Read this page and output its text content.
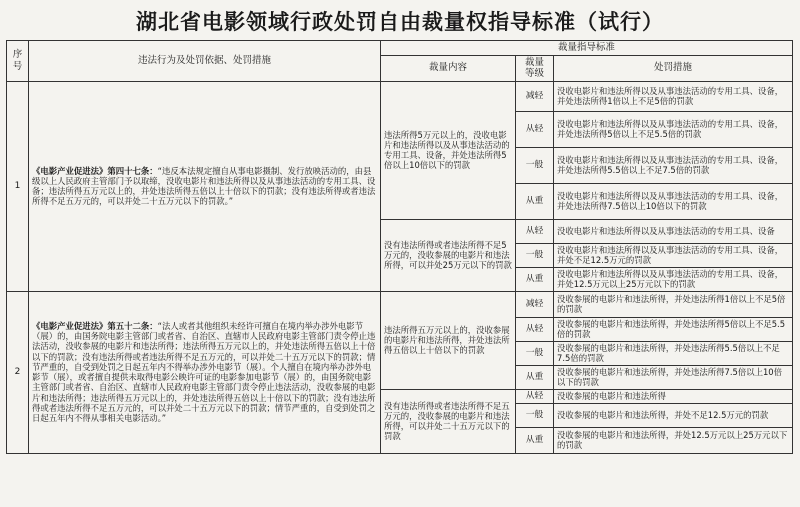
湖北省电影领域行政处罚自由裁量权指导标准（试行）
序
号	违法行为及处罚依据、处罚措施	裁量指导标准		
		裁量内容	裁量
等级	处罚措施
1	《电影产业促进法》第四十七条：“违反本法规定擅自从事电影摄制、发行放映活动的，由县级以上人民政府主管部门予以取缔，没收电影片和违法所得以及从事违法活动的专用工具、设备；违法所得五万元以上的，并处违法所得五倍以上十倍以下的罚款；没有违法所得或者违法所得不足五万元的，可以并处二十五万元以下的罚款。”	违法所得5万元以上的，没收电影片和违法所得以及从事违法活动的专用工具、设备，并处违法所得5倍以上10倍以下的罚款	减轻	没收电影片和违法所得以及从事违法活动的专用工具、设备，并处违法所得1倍以上不足5倍的罚款
			从轻	没收电影片和违法所得以及从事违法活动的专用工具、设备，并处违法所得5倍以上不足5.5倍的罚款
			一般	没收电影片和违法所得以及从事违法活动的专用工具、设备，并处违法所得5.5倍以上不足7.5倍的罚款
			从重	没收电影片和违法所得以及从事违法活动的专用工具、设备，并处违法所得7.5倍以上10倍以下的罚款
		没有违法所得或者违法所得不足5万元的，没收参展的电影片和违法所得，可以并处25万元以下的罚款	从轻	没收电影片和违法所得以及从事违法活动的专用工具、设备
			一般	没收电影片和违法所得以及从事违法活动的专用工具、设备，并处不足12.5万元的罚款
			从重	没收电影片和违法所得以及从事违法活动的专用工具、设备，并处12.5万元以上25万元以下的罚款
2	《电影产业促进法》第五十二条：“法人或者其他组织未经许可擅自在境内举办涉外电影节（展）的，由国务院电影主管部门或者省、自治区、直辖市人民政府电影主管部门责令停止违法活动，没收参展的电影片和违法所得；违法所得五万元以上的，并处违法所得五倍以上十倍以下的罚款；没有违法所得或者违法所得不足五万元的，可以并处二十五万元以下的罚款；情节严重的，自受到处罚之日起五年内不得举办涉外电影节（展）。个人擅自在境内举办涉外电影节（展），或者擅自提供未取得电影公映许可证的电影参加电影节（展）的，由国务院电影主管部门或者省、自治区、直辖市人民政府电影主管部门责令停止违法活动，没收参展的电影片和违法所得；违法所得五万元以上的，并处违法所得五倍以上十倍以下的罚款；没有违法所得或者违法所得不足五万元的，可以并处二十五万元以下的罚款；情节严重的，自受到处罚之日起五年内不得从事相关电影活动。”	违法所得五万元以上的，没收参展的电影片和违法所得，并处违法所得五倍以上十倍以下的罚款	减轻	没收参展的电影片和违法所得，并处违法所得1倍以上不足5倍的罚款
			从轻	没收参展的电影片和违法所得，并处违法所得5倍以上不足5.5倍的罚款
			一般	没收参展的电影片和违法所得，并处违法所得5.5倍以上不足7.5倍的罚款
			从重	没收参展的电影片和违法所得，并处违法所得7.5倍以上10倍以下的罚款
		没有违法所得或者违法所得不足五万元的，没收参展的电影片和违法所得，可以并处二十五万元以下的罚款	从轻	没收参展的电影片和违法所得
			一般	没收参展的电影片和违法所得，并处不足12.5万元的罚款
			从重	没收参展的电影片和违法所得，并处12.5万元以上25万元以下的罚款
